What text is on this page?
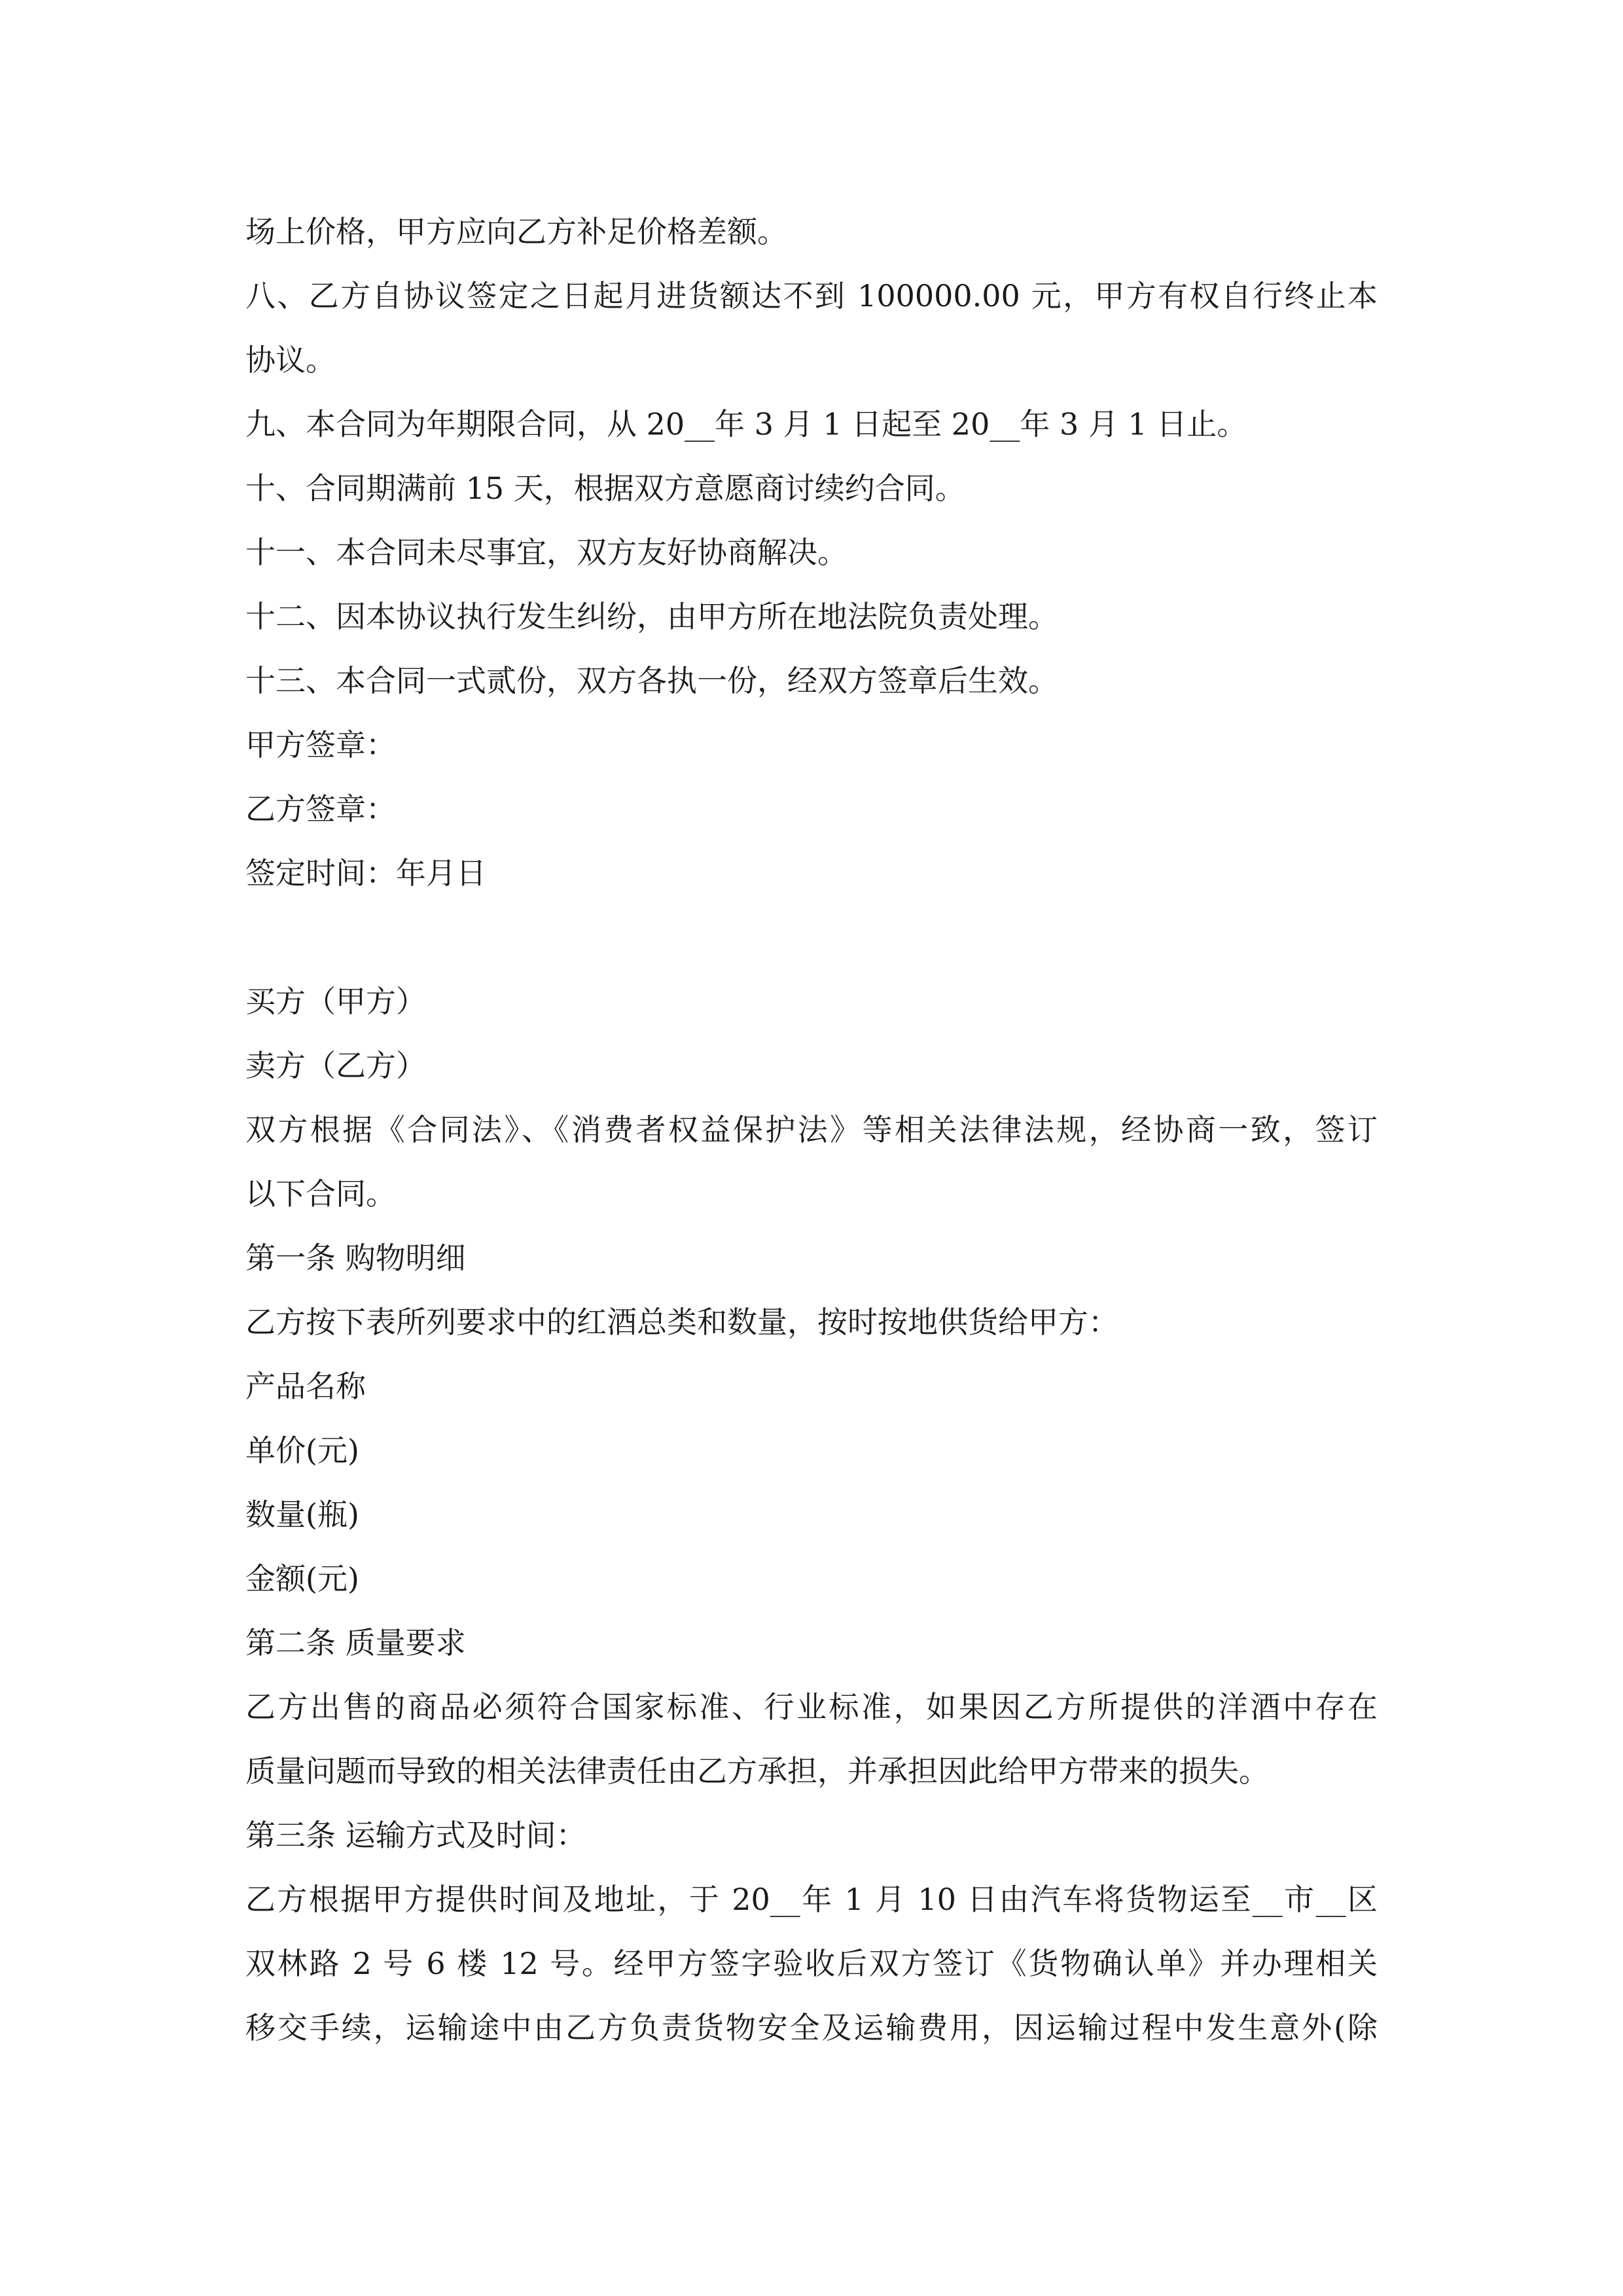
场上价格，甲方应向乙方补足价格差额。
八、乙方自协议签定之日起月进货额达不到 100000.00 元，甲方有权自行终止本
协议。
九、本合同为年期限合同，从 20__年 3 月 1 日起至 20__年 3 月 1 日止。
十、合同期满前 15 天，根据双方意愿商讨续约合同。
十一、本合同未尽事宜，双方友好协商解决。
十二、因本协议执行发生纠纷，由甲方所在地法院负责处理。
十三、本合同一式贰份，双方各执一份，经双方签章后生效。
甲方签章：
乙方签章：
签定时间：年月日
买方（甲方）
卖方（乙方）
双方根据《合同法》、《消费者权益保护法》等相关法律法规，经协商一致，签订
以下合同。
第一条 购物明细
乙方按下表所列要求中的红酒总类和数量，按时按地供货给甲方：
产品名称
单价(元)
数量(瓶)
金额(元)
第二条 质量要求
乙方出售的商品必须符合国家标准、行业标准，如果因乙方所提供的洋酒中存在
质量问题而导致的相关法律责任由乙方承担，并承担因此给甲方带来的损失。
第三条 运输方式及时间：
乙方根据甲方提供时间及地址，于 20__年 1 月 10 日由汽车将货物运至__市__区
双林路 2 号 6 楼 12 号。经甲方签字验收后双方签订《货物确认单》并办理相关
移交手续，运输途中由乙方负责货物安全及运输费用，因运输过程中发生意外(除
